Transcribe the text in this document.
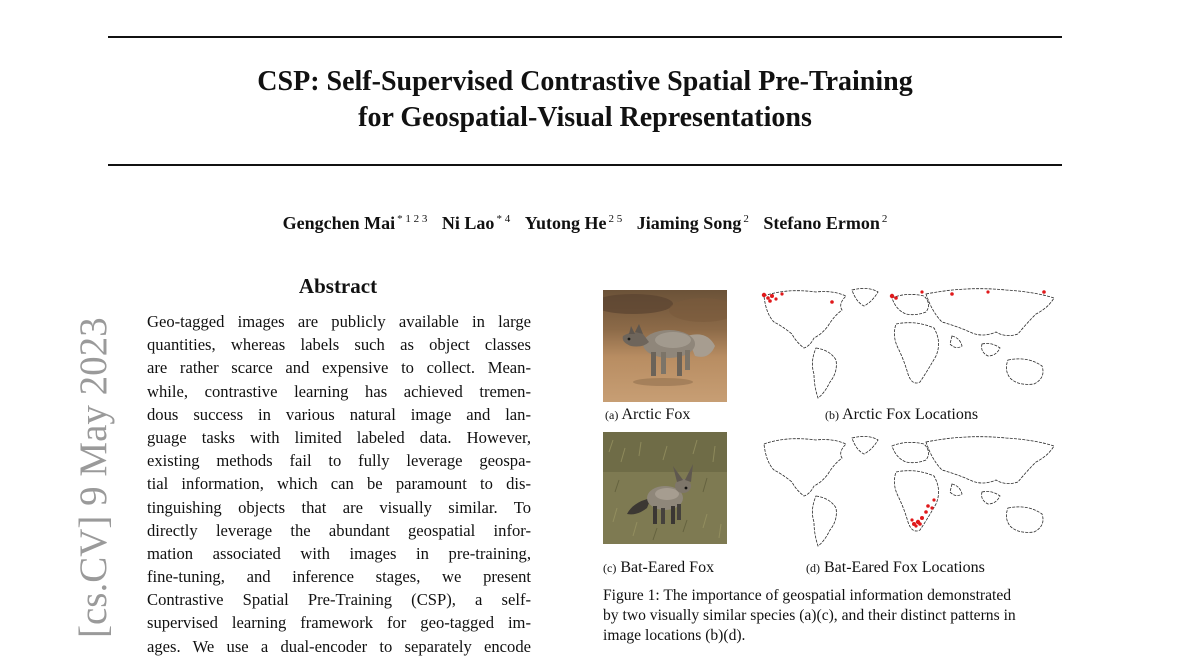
CSP: Self-Supervised Contrastive Spatial Pre-Training
for Geospatial-Visual Representations
Gengchen Mai $^{* 1 2 3}$ Ni Lao $^{* 4}$ Yutong He $^{2 5}$ Jiaming Song $^2$ Stefano Ermon $^2$
[cs.CV] 9 May 2023
Abstract
Geo-tagged images are publicly available in large
quantities, whereas labels such as object classes
are rather scarce and expensive to collect. Mean-
while, contrastive learning has achieved tremen-
dous success in various natural image and lan-
guage tasks with limited labeled data. However,
existing methods fail to fully leverage geospa-
tial information, which can be paramount to dis-
tinguishing objects that are visually similar. To
directly leverage the abundant geospatial infor-
mation associated with images in pre-training,
fine-tuning, and inference stages, we present
Contrastive Spatial Pre-Training (CSP), a self-
supervised learning framework for geo-tagged im-
ages. We use a dual-encoder to separately encode
(a) Arctic Fox	(b) Arctic Fox Locations
(c) Bat-Eared Fox	(d) Bat-Eared Fox Locations
Figure 1: The importance of geospatial information demonstrated
by two visually similar species (a)(c), and their distinct patterns in
image locations (b)(d).
